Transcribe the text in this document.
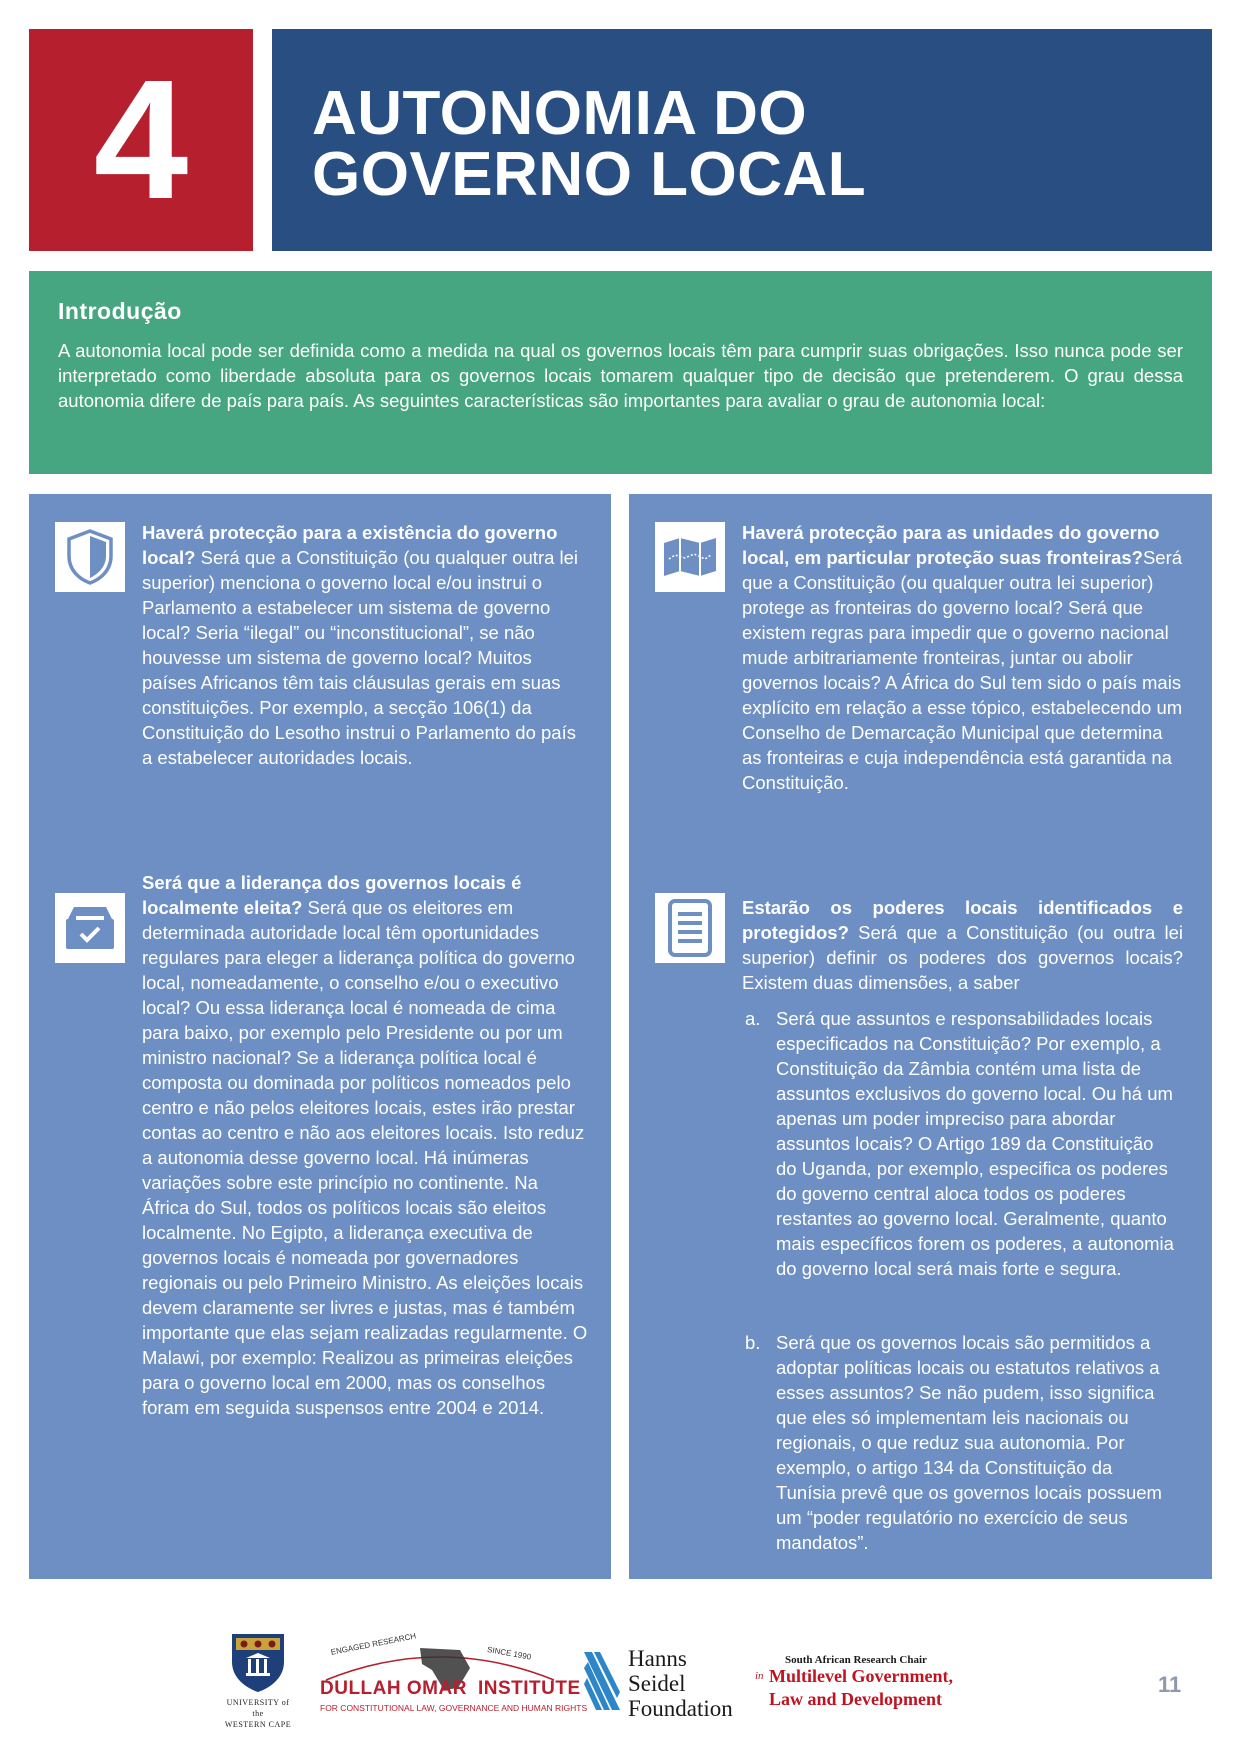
4	AUTONOMIA DO
GOVERNO LOCAL
Introdução

A autonomia local pode ser definida como a medida na qual os governos locais têm para cumprir suas obrigações. Isso nunca pode ser interpretado como liberdade absoluta para os governos locais tomarem qualquer tipo de decisão que pretenderem. O grau dessa autonomia difere de país para país. As seguintes características são importantes para avaliar o grau de autonomia local:

Haverá protecção para a existência do governo local? Será que a Constituição (ou qualquer outra lei superior) menciona o governo local e/ou instrui o Parlamento a estabelecer um sistema de governo local? Seria “ilegal” ou “inconstitucional”, se não houvesse um sistema de governo local? Muitos países Africanos têm tais cláusulas gerais em suas constituições. Por exemplo, a secção 106(1) da Constituição do Lesotho instrui o Parlamento do país a estabelecer autoridades locais.
Será que a liderança dos governos locais é localmente eleita? Será que os eleitores em determinada autoridade local têm oportunidades regulares para eleger a liderança política do governo local, nomeadamente, o conselho e/ou o executivo local? Ou essa liderança local é nomeada de cima para baixo, por exemplo pelo Presidente ou por um ministro nacional? Se a liderança política local é composta ou dominada por políticos nomeados pelo centro e não pelos eleitores locais, estes irão prestar contas ao centro e não aos eleitores locais. Isto reduz a autonomia desse governo local. Há inúmeras variações sobre este princípio no continente. Na África do Sul, todos os políticos locais são eleitos localmente. No Egipto, a liderança executiva de governos locais é nomeada por governadores regionais ou pelo Primeiro Ministro. As eleições locais devem claramente ser livres e justas, mas é também importante que elas sejam realizadas regularmente. O Malawi, por exemplo: Realizou as primeiras eleições para o governo local em 2000, mas os conselhos foram em seguida suspensos entre 2004 e 2014.
Haverá protecção para as unidades do governo local, em particular proteção suas fronteiras?Será que a Constituição (ou qualquer outra lei superior) protege as fronteiras do governo local? Será que existem regras para impedir que o governo nacional mude arbitrariamente fronteiras, juntar ou abolir governos locais? A África do Sul tem sido o país mais explícito em relação a esse tópico, estabelecendo um Conselho de Demarcação Municipal que determina as fronteiras e cuja independência está garantida na Constituição.
Estarão os poderes locais identificados e protegidos? Será que a Constituição (ou outra lei superior) definir os poderes dos governos locais? Existem duas dimensões, a saber
a. Será que assuntos e responsabilidades locais especificados na Constituição? Por exemplo, a Constituição da Zâmbia contém uma lista de assuntos exclusivos do governo local. Ou há um apenas um poder impreciso para abordar assuntos locais? O Artigo 189 da Constituição do Uganda, por exemplo, especifica os poderes do governo central aloca todos os poderes restantes ao governo local. Geralmente, quanto mais específicos forem os poderes, a autonomia do governo local será mais forte e segura.
b. Será que os governos locais são permitidos a adoptar políticas locais ou estatutos relativos a esses assuntos? Se não pudem, isso significa que eles só implementam leis nacionais ou regionais, o que reduz sua autonomia. Por exemplo, o artigo 134 da Constituição da Tunísia prevê que os governos locais possuem um “poder regulatório no exercício de seus mandatos”.
UNIVERSITY of the
WESTERN CAPE
ENGAGED RESEARCH	SINCE 1990
DULLAH OMAR INSTITUTE
FOR CONSTITUTIONAL LAW, GOVERNANCE AND HUMAN RIGHTS
Hanns
Seidel
Foundation
South African Research Chair
in Multilevel Government,
Law and Development
11
